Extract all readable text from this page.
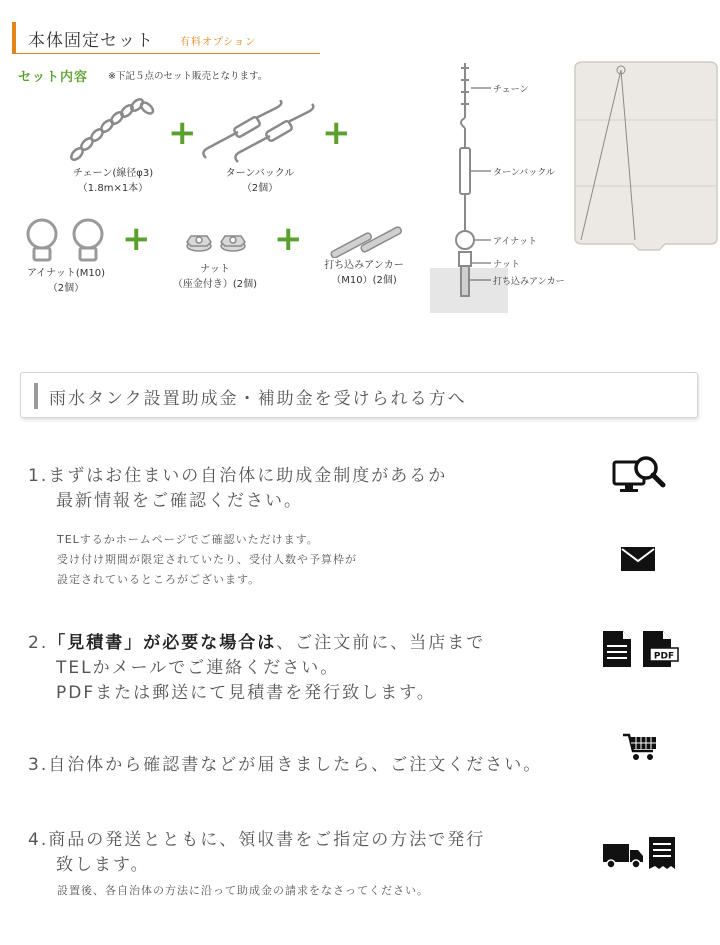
本体固定セット	有料オプション
セット内容 ※下記５点のセット販売となります。
チェーン(線径φ3)
（1.8m×1本）
+
ターンバックル
（2個）
+
アイナット(M10)
（2個）
+
ナット
（座金付き）(2個)
+
打ち込みアンカー
（M10）(2個)
チェーン
ターンバックル
アイナット
ナット
打ち込みアンカー
雨水タンク設置助成金・補助金を受けられる方へ
1.まずはお住まいの自治体に助成金制度があるか
最新情報をご確認ください。
TELするかホームページでご確認いただけます。
受け付け期間が限定されていたり、受付人数や予算枠が
設定されているところがございます。
2.「見積書」が必要な場合は、ご注文前に、当店まで
TELかメールでご連絡ください。
PDFまたは郵送にて見積書を発行致します。
3.自治体から確認書などが届きましたら、ご注文ください。
4.商品の発送とともに、領収書をご指定の方法で発行
致します。
設置後、各自治体の方法に沿って助成金の請求をなさってください。
PDF
